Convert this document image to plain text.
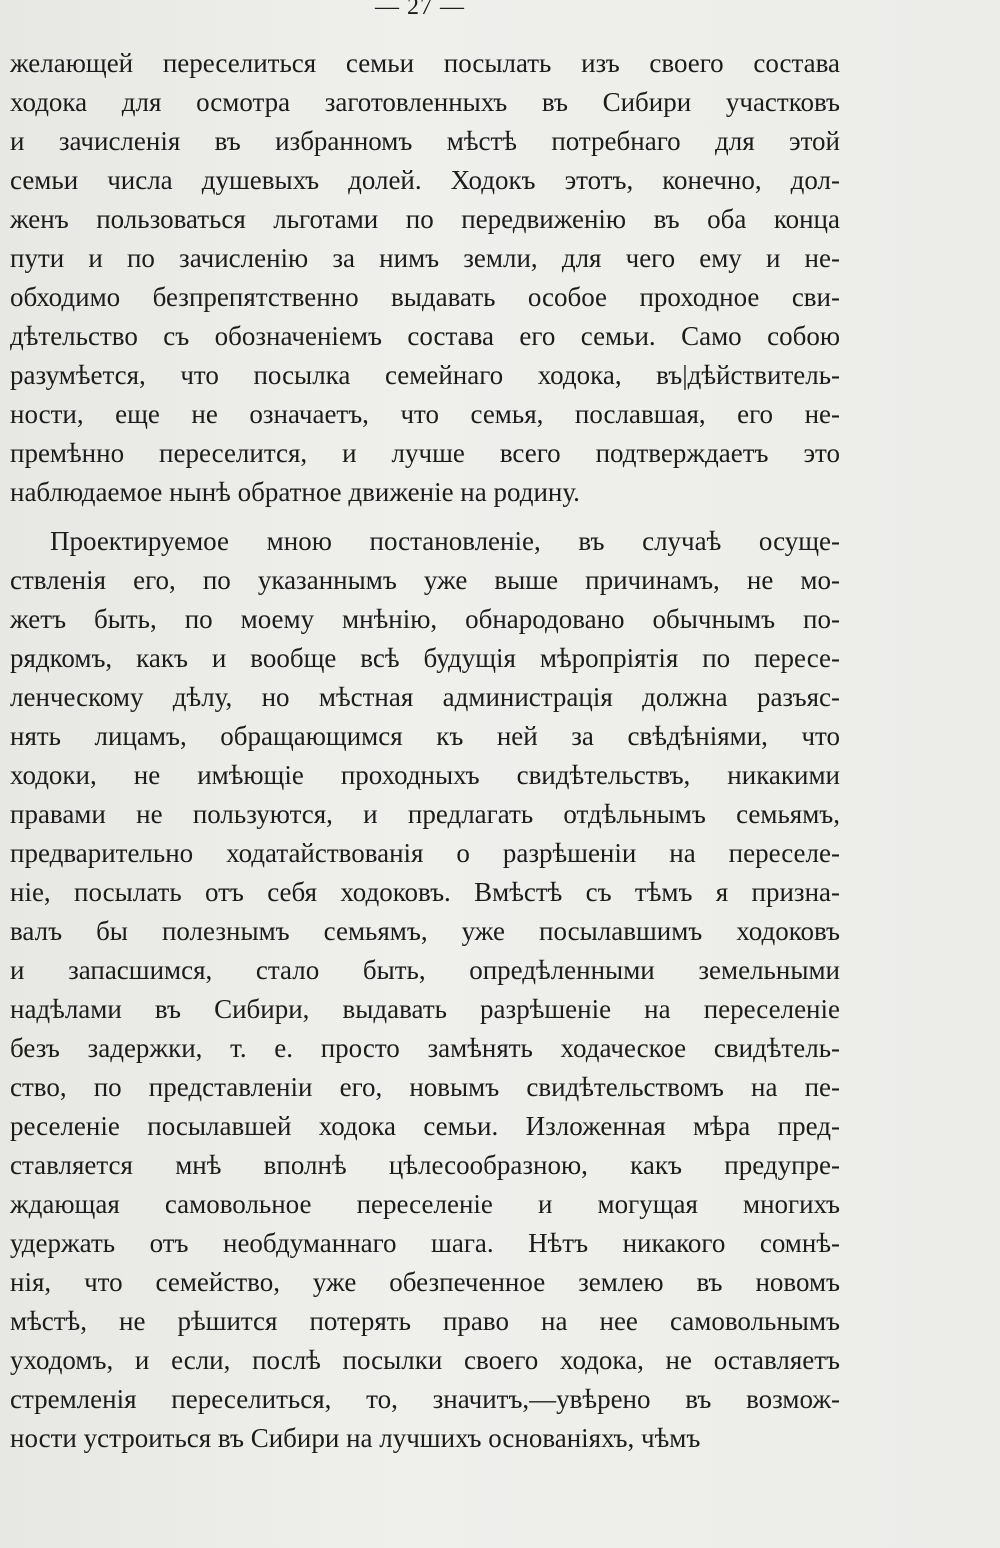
— 27 —
желающей переселиться семьи посылать изъ своего состава
ходока для осмотра заготовленныхъ въ Сибири участковъ
и зачисленія въ избранномъ мѣстѣ потребнаго для этой
семьи числа душевыхъ долей. Ходокъ этотъ, конечно, дол-
женъ пользоваться льготами по передвиженію въ оба конца
пути и по зачисленію за нимъ земли, для чего ему и не-
обходимо безпрепятственно выдавать особое проходное сви-
дѣтельство съ обозначеніемъ состава его семьи. Само собою
разумѣется, что посылка семейнаго ходока, въ|дѣйствитель-
ности, еще не означаетъ, что семья, пославшая, его не-
премѣнно переселится, и лучше всего подтверждаетъ это
наблюдаемое нынѣ обратное движеніе на родину.
Проектируемое мною постановленіе, въ случаѣ осуще-
ствленія его, по указаннымъ уже выше причинамъ, не мо-
жетъ быть, по моему мнѣнію, обнародовано обычнымъ по-
рядкомъ, какъ и вообще всѣ будущія мѣропріятія по пересе-
ленческому дѣлу, но мѣстная администрація должна разъяс-
нять лицамъ, обращающимся къ ней за свѣдѣніями, что
ходоки, не имѣющіе проходныхъ свидѣтельствъ, никакими
правами не пользуются, и предлагать отдѣльнымъ семьямъ,
предварительно ходатайствованія о разрѣшеніи на переселе-
ніе, посылать отъ себя ходоковъ. Вмѣстѣ съ тѣмъ я призна-
валъ бы полезнымъ семьямъ, уже посылавшимъ ходоковъ
и запасшимся, стало быть, опредѣленными земельными
надѣлами въ Сибири, выдавать разрѣшеніе на переселеніе
безъ задержки, т. е. просто замѣнять ходаческое свидѣтель-
ство, по представленіи его, новымъ свидѣтельствомъ на пе-
реселеніе посылавшей ходока семьи. Изложенная мѣра пред-
ставляется мнѣ вполнѣ цѣлесообразною, какъ предупре-
ждающая самовольное переселеніе и могущая многихъ
удержать отъ необдуманнаго шага. Нѣтъ никакого сомнѣ-
нія, что семейство, уже обезпеченное землею въ новомъ
мѣстѣ, не рѣшится потерять право на нее самовольнымъ
уходомъ, и если, послѣ посылки своего ходока, не оставляетъ
стремленія переселиться, то, значитъ,—увѣрено въ возмож-
ности устроиться въ Сибири на лучшихъ основаніяхъ, чѣмъ
